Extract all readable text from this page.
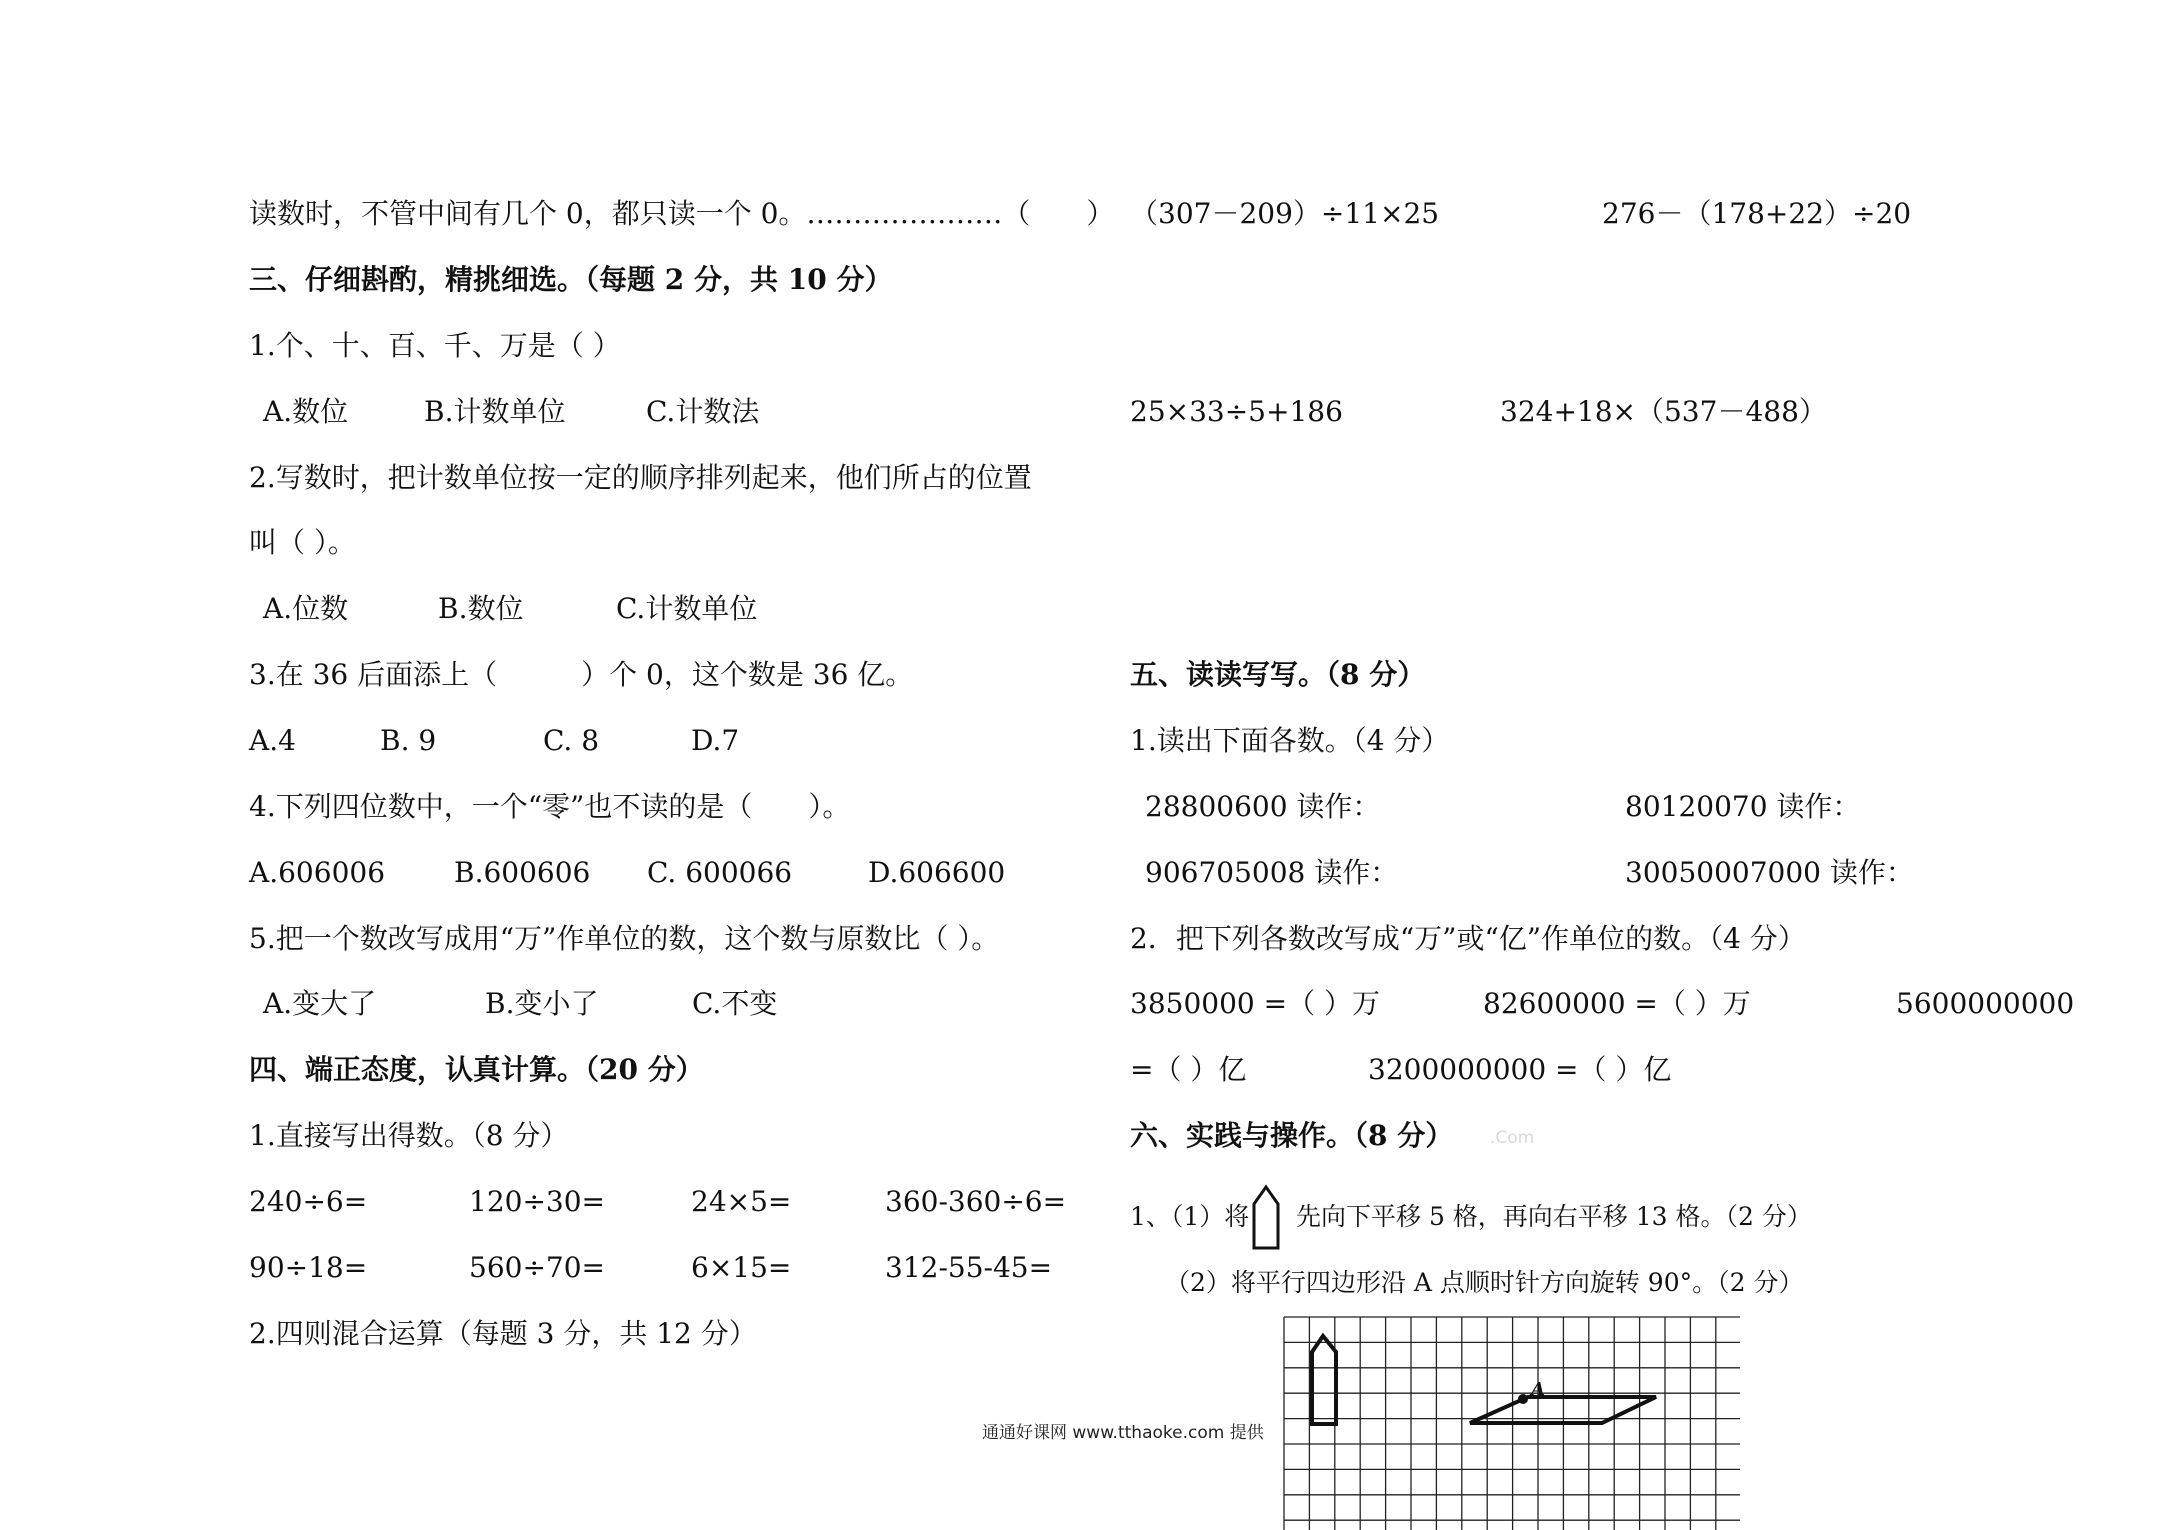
读数时，不管中间有几个 0，都只读一个 0。…………………（　　）
三、仔细斟酌，精挑细选。（每题 2 分，共 10 分）
1.个、十、百、千、万是（ ）
A.数位	B.计数单位	C.计数法
2.写数时，把计数单位按一定的顺序排列起来，他们所占的位置
叫（ ）。
A.位数	B.数位	C.计数单位
3.在 36 后面添上（　　　）个 0，这个数是 36 亿。
A.4	B. 9	C. 8	D.7
4.下列四位数中，一个“零”也不读的是（　　）。
A.606006 B.600606 C. 600066	D.606600
5.把一个数改写成用“万”作单位的数，这个数与原数比（ ）。
A.变大了	B.变小了	C.不变
四、端正态度，认真计算。（20 分）
1.直接写出得数。（8 分）
240÷6=	120÷30=	24×5=	360-360÷6=
90÷18=	560÷70=	6×15=	312-55-45=
2.四则混合运算（每题 3 分，共 12 分）
（307－209）÷11×25	276－（178+22）÷20
25×33÷5+186	324+18×（537－488）
五、读读写写。（8 分）
1.读出下面各数。（4 分）
28800600 读作：	80120070 读作：
906705008 读作：	30050007000 读作：
2．把下列各数改写成“万”或“亿”作单位的数。（4 分）
3850000 =（ ）万	82600000 =（ ）万	5600000000
=（ ）亿	3200000000 =（ ）亿
六、实践与操作。（8 分） .Com
1、（1）将 先向下平移 5 格，再向右平移 13 格。（2 分）
（2）将平行四边形沿 A 点顺时针方向旋转 90°。（2 分）
通通好课网 www.tthaoke.com 提供
A
